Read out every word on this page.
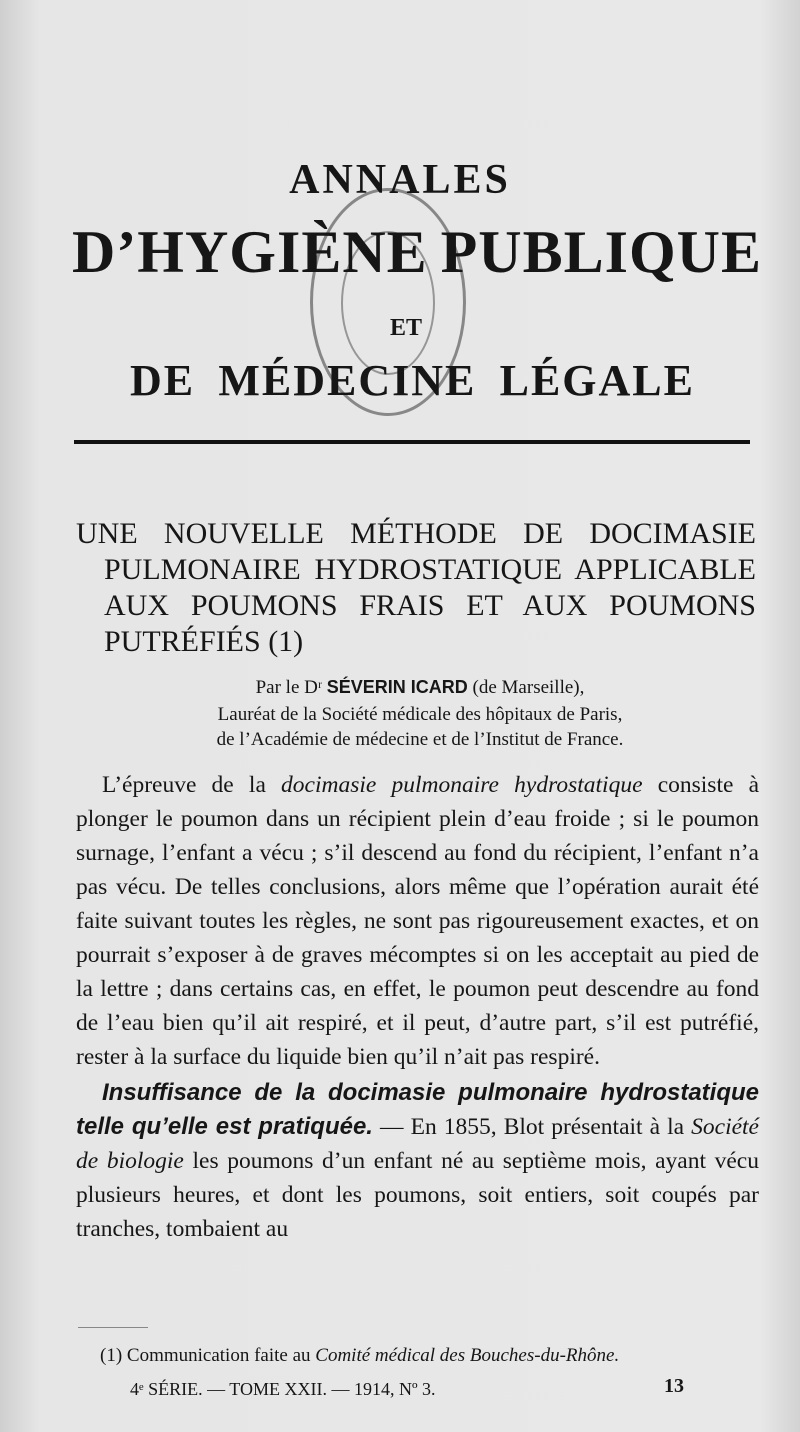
ANNALES
D’HYGIÈNE PUBLIQUE
ET
DE MÉDECINE LÉGALE
UNE NOUVELLE MÉTHODE DE DOCIMASIE
PULMONAIRE HYDROSTATIQUE APPLICABLE
AUX POUMONS FRAIS ET AUX POUMONS
PUTRÉFIÉS (1)
Par le Dʳ SÉVERIN ICARD (de Marseille),
Lauréat de la Société médicale des hôpitaux de Paris,
de l’Académie de médecine et de l’Institut de France.

L’épreuve de la docimasie pulmonaire hydrostatique consiste à plonger le poumon dans un récipient plein d’eau froide ; si le poumon surnage, l’enfant a vécu ; s’il descend au fond du récipient, l’enfant n’a pas vécu. De telles conclusions, alors même que l’opération aurait été faite suivant toutes les règles, ne sont pas rigoureusement exactes, et on pourrait s’exposer à de graves mécomptes si on les acceptait au pied de la lettre ; dans certains cas, en effet, le poumon peut descendre au fond de l’eau bien qu’il ait respiré, et il peut, d’autre part, s’il est putréfié, rester à la surface du liquide bien qu’il n’ait pas respiré.

Insuffisance de la docimasie pulmonaire hydrostatique telle qu’elle est pratiquée. — En 1855, Blot présentait à la Société de biologie les poumons d’un enfant né au septième mois, ayant vécu plusieurs heures, et dont les poumons, soit entiers, soit coupés par tranches, tombaient au

(1) Communication faite au Comité médical des Bouches-du-Rhône.
4ᵉ SÉRIE. — TOME XXII. — 1914, Nº 3.	13
